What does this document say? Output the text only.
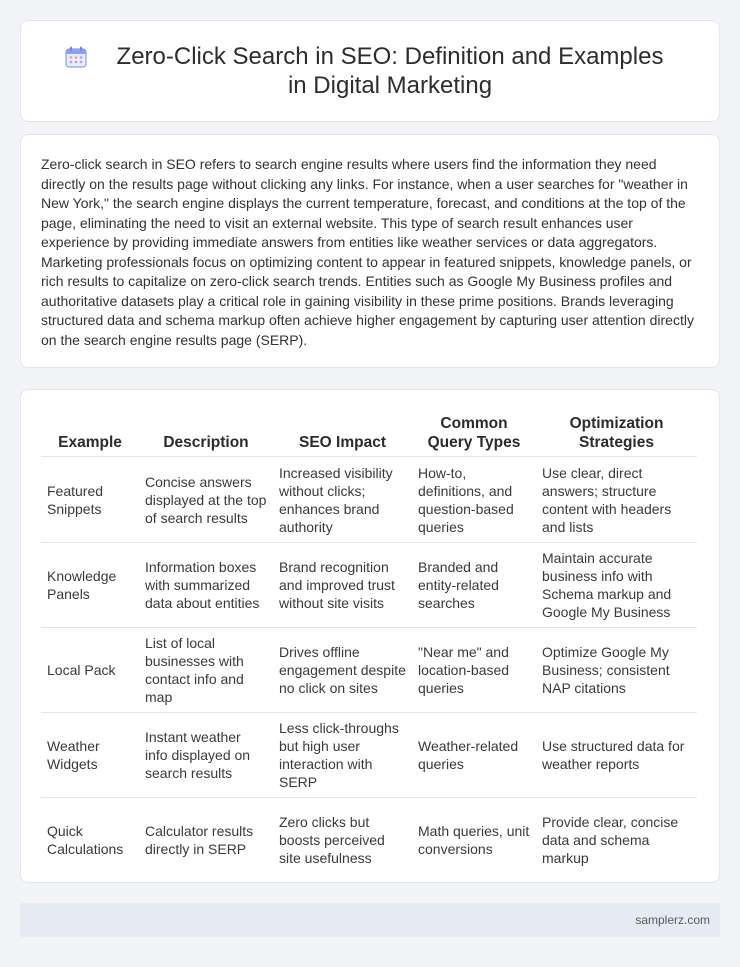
Zero-Click Search in SEO: Definition and Examples in Digital Marketing

Zero-click search in SEO refers to search engine results where users find the information they need directly on the results page without clicking any links. For instance, when a user searches for "weather in New York," the search engine displays the current temperature, forecast, and conditions at the top of the page, eliminating the need to visit an external website. This type of search result enhances user experience by providing immediate answers from entities like weather services or data aggregators. Marketing professionals focus on optimizing content to appear in featured snippets, knowledge panels, or rich results to capitalize on zero-click search trends. Entities such as Google My Business profiles and authoritative datasets play a critical role in gaining visibility in these prime positions. Brands leveraging structured data and schema markup often achieve higher engagement by capturing user attention directly on the search engine results page (SERP).

Example	Description	SEO Impact	Common Query Types	Optimization Strategies
Featured Snippets	Concise answers displayed at the top of search results	Increased visibility without clicks; enhances brand authority	How-to, definitions, and question-based queries	Use clear, direct answers; structure content with headers and lists
Knowledge Panels	Information boxes with summarized data about entities	Brand recognition and improved trust without site visits	Branded and entity-related searches	Maintain accurate business info with Schema markup and Google My Business
Local Pack	List of local businesses with contact info and map	Drives offline engagement despite no click on sites	"Near me" and location-based queries	Optimize Google My Business; consistent NAP citations
Weather Widgets	Instant weather info displayed on search results	Less click-throughs but high user interaction with SERP	Weather-related queries	Use structured data for weather reports
Quick Calculations	Calculator results directly in SERP	Zero clicks but boosts perceived site usefulness	Math queries, unit conversions	Provide clear, concise data and schema markup
samplerz.com
